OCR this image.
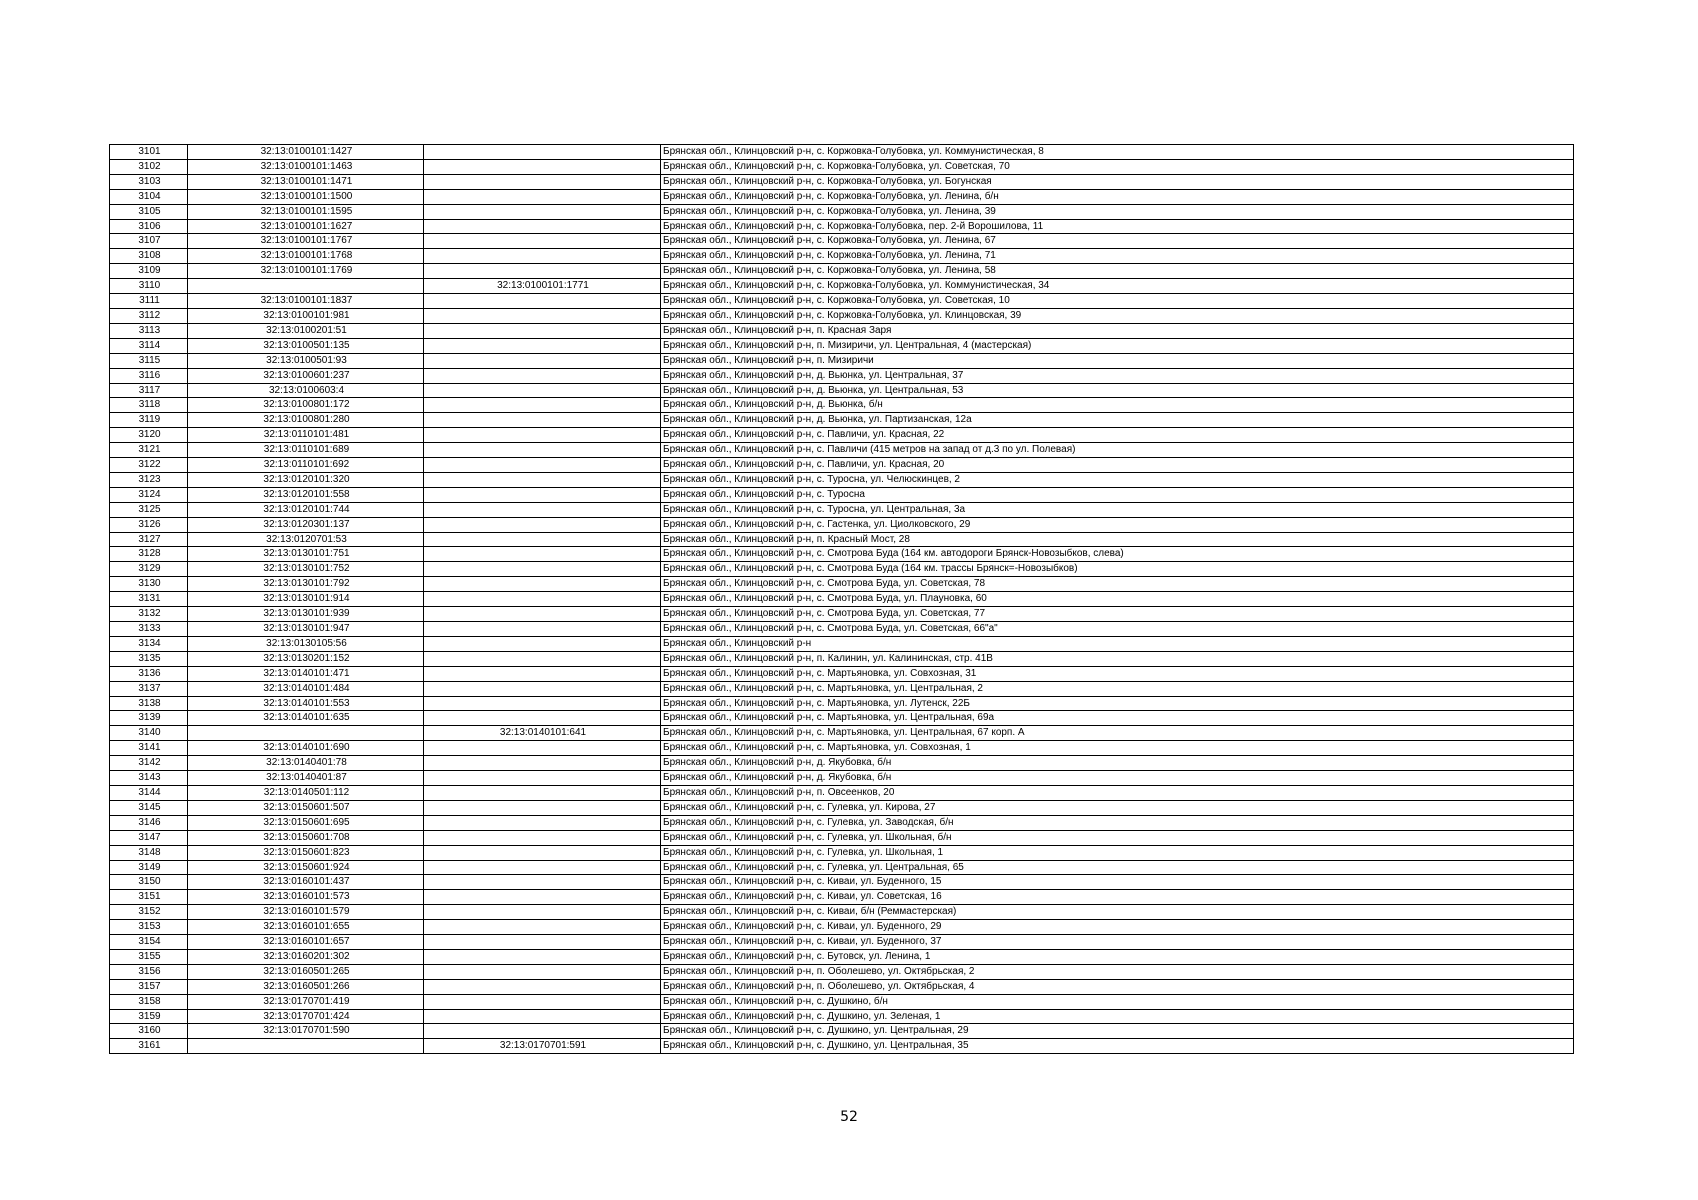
3101	32:13:0100101:1427		Брянская обл., Клинцовский р-н, с. Коржовка-Голубовка, ул. Коммунистическая, 8
3102	32:13:0100101:1463		Брянская обл., Клинцовский р-н, с. Коржовка-Голубовка, ул. Советская, 70
3103	32:13:0100101:1471		Брянская обл., Клинцовский р-н, с. Коржовка-Голубовка, ул. Богунская
3104	32:13:0100101:1500		Брянская обл., Клинцовский р-н, с. Коржовка-Голубовка, ул. Ленина, б/н
3105	32:13:0100101:1595		Брянская обл., Клинцовский р-н, с. Коржовка-Голубовка, ул. Ленина, 39
3106	32:13:0100101:1627		Брянская обл., Клинцовский р-н, с. Коржовка-Голубовка, пер. 2-й Ворошилова, 11
3107	32:13:0100101:1767		Брянская обл., Клинцовский р-н, с. Коржовка-Голубовка, ул. Ленина, 67
3108	32:13:0100101:1768		Брянская обл., Клинцовский р-н, с. Коржовка-Голубовка, ул. Ленина, 71
3109	32:13:0100101:1769		Брянская обл., Клинцовский р-н, с. Коржовка-Голубовка, ул. Ленина, 58
3110		32:13:0100101:1771	Брянская обл., Клинцовский р-н, с. Коржовка-Голубовка, ул. Коммунистическая, 34
3111	32:13:0100101:1837		Брянская обл., Клинцовский р-н, с. Коржовка-Голубовка, ул. Советская, 10
3112	32:13:0100101:981		Брянская обл., Клинцовский р-н, с. Коржовка-Голубовка, ул. Клинцовская, 39
3113	32:13:0100201:51		Брянская обл., Клинцовский р-н, п. Красная Заря
3114	32:13:0100501:135		Брянская обл., Клинцовский р-н, п. Мизиричи, ул. Центральная, 4 (мастерская)
3115	32:13:0100501:93		Брянская обл., Клинцовский р-н, п. Мизиричи
3116	32:13:0100601:237		Брянская обл., Клинцовский р-н, д. Вьюнка, ул. Центральная, 37
3117	32:13:0100603:4		Брянская обл., Клинцовский р-н, д. Вьюнка, ул. Центральная, 53
3118	32:13:0100801:172		Брянская обл., Клинцовский р-н, д. Вьюнка, б/н
3119	32:13:0100801:280		Брянская обл., Клинцовский р-н, д. Вьюнка, ул. Партизанская, 12а
3120	32:13:0110101:481		Брянская обл., Клинцовский р-н, с. Павличи, ул. Красная, 22
3121	32:13:0110101:689		Брянская обл., Клинцовский р-н, с. Павличи (415 метров на запад от д.3 по ул. Полевая)
3122	32:13:0110101:692		Брянская обл., Клинцовский р-н, с. Павличи, ул. Красная, 20
3123	32:13:0120101:320		Брянская обл., Клинцовский р-н, с. Туросна, ул. Челюскинцев, 2
3124	32:13:0120101:558		Брянская обл., Клинцовский р-н, с. Туросна
3125	32:13:0120101:744		Брянская обл., Клинцовский р-н, с. Туросна, ул. Центральная, 3а
3126	32:13:0120301:137		Брянская обл., Клинцовский р-н, с. Гастенка, ул. Циолковского, 29
3127	32:13:0120701:53		Брянская обл., Клинцовский р-н, п. Красный Мост, 28
3128	32:13:0130101:751		Брянская обл., Клинцовский р-н, с. Смотрова Буда (164 км. автодороги Брянск-Новозыбков, слева)
3129	32:13:0130101:752		Брянская обл., Клинцовский р-н, с. Смотрова Буда (164 км. трассы Брянск=-Новозыбков)
3130	32:13:0130101:792		Брянская обл., Клинцовский р-н, с. Смотрова Буда, ул. Советская, 78
3131	32:13:0130101:914		Брянская обл., Клинцовский р-н, с. Смотрова Буда, ул. Плауновка, 60
3132	32:13:0130101:939		Брянская обл., Клинцовский р-н, с. Смотрова Буда, ул. Советская, 77
3133	32:13:0130101:947		Брянская обл., Клинцовский р-н, с. Смотрова Буда, ул. Советская, 66"а"
3134	32:13:0130105:56		Брянская обл., Клинцовский р-н
3135	32:13:0130201:152		Брянская обл., Клинцовский р-н, п. Калинин, ул. Калининская, стр. 41В
3136	32:13:0140101:471		Брянская обл., Клинцовский р-н, с. Мартьяновка, ул. Совхозная, 31
3137	32:13:0140101:484		Брянская обл., Клинцовский р-н, с. Мартьяновка, ул. Центральная, 2
3138	32:13:0140101:553		Брянская обл., Клинцовский р-н, с. Мартьяновка, ул. Лутенск, 22Б
3139	32:13:0140101:635		Брянская обл., Клинцовский р-н, с. Мартьяновка, ул. Центральная, 69а
3140		32:13:0140101:641	Брянская обл., Клинцовский р-н, с. Мартьяновка, ул. Центральная, 67 корп. А
3141	32:13:0140101:690		Брянская обл., Клинцовский р-н, с. Мартьяновка, ул. Совхозная, 1
3142	32:13:0140401:78		Брянская обл., Клинцовский р-н, д. Якубовка, б/н
3143	32:13:0140401:87		Брянская обл., Клинцовский р-н, д. Якубовка, б/н
3144	32:13:0140501:112		Брянская обл., Клинцовский р-н, п. Овсеенков, 20
3145	32:13:0150601:507		Брянская обл., Клинцовский р-н, с. Гулевка, ул. Кирова, 27
3146	32:13:0150601:695		Брянская обл., Клинцовский р-н, с. Гулевка, ул. Заводская, б/н
3147	32:13:0150601:708		Брянская обл., Клинцовский р-н, с. Гулевка, ул. Школьная, б/н
3148	32:13:0150601:823		Брянская обл., Клинцовский р-н, с. Гулевка, ул. Школьная, 1
3149	32:13:0150601:924		Брянская обл., Клинцовский р-н, с. Гулевка, ул. Центральная, 65
3150	32:13:0160101:437		Брянская обл., Клинцовский р-н, с. Киваи, ул. Буденного, 15
3151	32:13:0160101:573		Брянская обл., Клинцовский р-н, с. Киваи, ул. Советская, 16
3152	32:13:0160101:579		Брянская обл., Клинцовский р-н, с. Киваи, б/н (Реммастерская)
3153	32:13:0160101:655		Брянская обл., Клинцовский р-н, с. Киваи, ул. Буденного, 29
3154	32:13:0160101:657		Брянская обл., Клинцовский р-н, с. Киваи, ул. Буденного, 37
3155	32:13:0160201:302		Брянская обл., Клинцовский р-н, с. Бутовск, ул. Ленина, 1
3156	32:13:0160501:265		Брянская обл., Клинцовский р-н, п. Оболешево, ул. Октябрьская, 2
3157	32:13:0160501:266		Брянская обл., Клинцовский р-н, п. Оболешево, ул. Октябрьская, 4
3158	32:13:0170701:419		Брянская обл., Клинцовский р-н, с. Душкино, б/н
3159	32:13:0170701:424		Брянская обл., Клинцовский р-н, с. Душкино, ул. Зеленая, 1
3160	32:13:0170701:590		Брянская обл., Клинцовский р-н, с. Душкино, ул. Центральная, 29
3161		32:13:0170701:591	Брянская обл., Клинцовский р-н, с. Душкино, ул. Центральная, 35
52
